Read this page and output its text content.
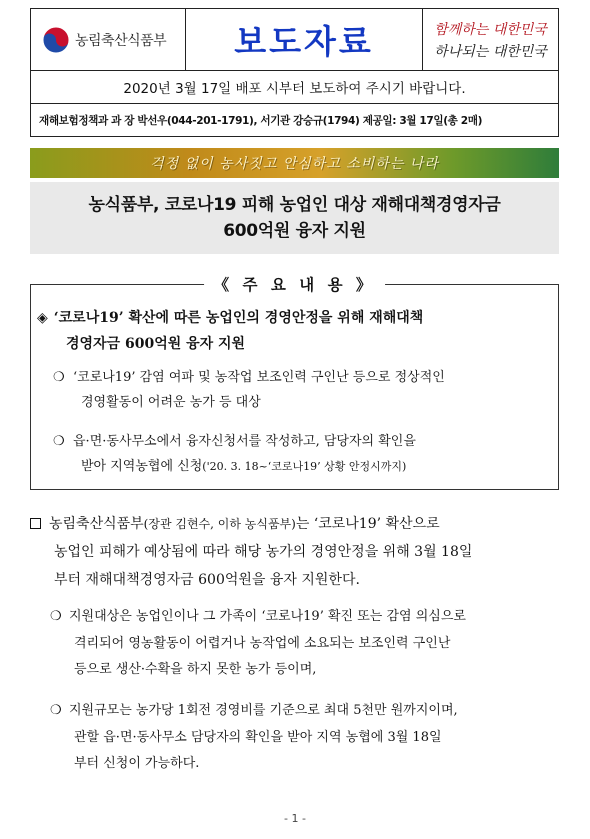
농림축산식품부 보도자료	함께하는 대한민국
하나되는 대한민국
2020년 3월 17일 배포 시부터 보도하여 주시기 바랍니다.
재해보험정책과 과 장 박선우(044-201-1791), 서기관 강승규(1794) 제공일: 3월 17일(총 2매)
걱정 없이 농사짓고 안심하고 소비하는 나라
농식품부, 코로나19 피해 농업인 대상 재해대책경영자금
600억원 융자 지원
《 주 요 내 용 》
◈ ‘코로나19’ 확산에 따른 농업인의 경영안정을 위해 재해대책
경영자금 600억원 융자 지원
❍ ‘코로나19’ 감염 여파 및 농작업 보조인력 구인난 등으로 정상적인
경영활동이 어려운 농가 등 대상
❍ 읍·면·동사무소에서 융자신청서를 작성하고, 담당자의 확인을
받아 지역농협에 신청('20. 3. 18~‘코로나19’ 상황 안정시까지)
농림축산식품부(장관 김현수, 이하 농식품부)는 ‘코로나19’ 확산으로
농업인 피해가 예상됨에 따라 해당 농가의 경영안정을 위해 3월 18일
부터 재해대책경영자금 600억원을 융자 지원한다.
❍ 지원대상은 농업인이나 그 가족이 ‘코로나19’ 확진 또는 감염 의심으로
격리되어 영농활동이 어렵거나 농작업에 소요되는 보조인력 구인난
등으로 생산·수확을 하지 못한 농가 등이며,
❍ 지원규모는 농가당 1회전 경영비를 기준으로 최대 5천만 원까지이며,
관할 읍·면·동사무소 담당자의 확인을 받아 지역 농협에 3월 18일
부터 신청이 가능하다.
- 1 -
